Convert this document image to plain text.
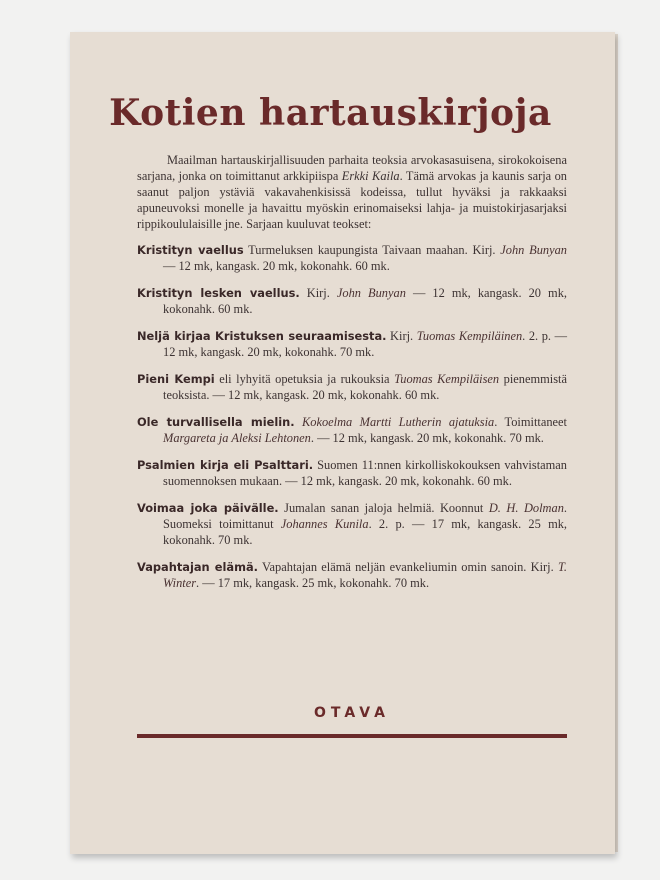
Kotien hartauskirjoja

Maailman hartauskirjallisuuden parhaita teoksia arvokasasuisena, sirokokoisena sarjana, jonka on toimittanut arkkipiispa Erkki Kaila. Tämä arvokas ja kaunis sarja on saanut paljon ystäviä vakavahenkisissä kodeissa, tullut hyväksi ja rakkaaksi apuneuvoksi monelle ja havaittu myöskin erinomaiseksi lahja- ja muistokirjasarjaksi rippikoululaisille jne. Sarjaan kuuluvat teokset:

Kristityn vaellus Turmeluksen kaupungista Taivaan maahan. Kirj. John Bunyan — 12 mk, kangask. 20 mk, kokonahk. 60 mk.

Kristityn lesken vaellus. Kirj. John Bunyan — 12 mk, kangask. 20 mk, kokonahk. 60 mk.

Neljä kirjaa Kristuksen seuraamisesta. Kirj. Tuomas Kempiläinen. 2. p. — 12 mk, kangask. 20 mk, kokonahk. 70 mk.

Pieni Kempi eli lyhyitä opetuksia ja rukouksia Tuomas Kempiläisen pienemmistä teoksista. — 12 mk, kangask. 20 mk, kokonahk. 60 mk.

Ole turvallisella mielin. Kokoelma Martti Lutherin ajatuksia. Toimittaneet Margareta ja Aleksi Lehtonen. — 12 mk, kangask. 20 mk, kokonahk. 70 mk.

Psalmien kirja eli Psalttari. Suomen 11:nnen kirkolliskokouksen vahvistaman suomennoksen mukaan. — 12 mk, kangask. 20 mk, kokonahk. 60 mk.

Voimaa joka päivälle. Jumalan sanan jaloja helmiä. Koonnut D. H. Dolman. Suomeksi toimittanut Johannes Kunila. 2. p. — 17 mk, kangask. 25 mk, kokonahk. 70 mk.

Vapahtajan elämä. Vapahtajan elämä neljän evankeliumin omin sanoin. Kirj. T. Winter. — 17 mk, kangask. 25 mk, kokonahk. 70 mk.

OTAVA
